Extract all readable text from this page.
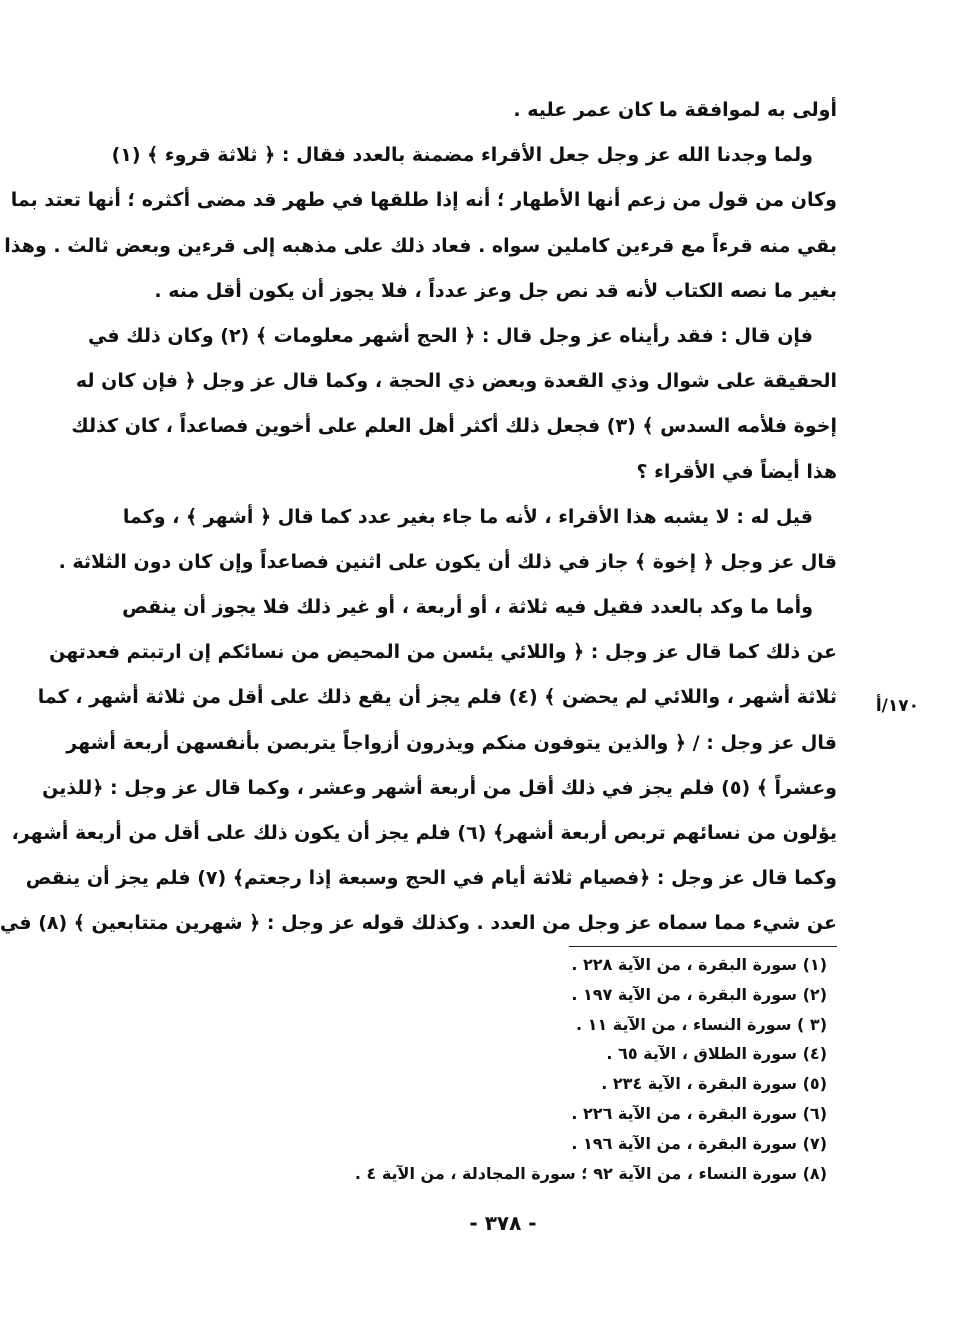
أولى به لموافقة ما كان عمر عليه .
ولما وجدنا الله عز وجل جعل الأقراء مضمنة بالعدد فقال : ﴿ ثلاثة قروء ﴾ (١)
وكان من قول من زعم أنها الأطهار ؛ أنه إذا طلقها في طهر قد مضى أكثره ؛ أنها تعتد بما
بقي منه قرءاً مع قرءين كاملين سواه . فعاد ذلك على مذهبه إلى قرءين وبعض ثالث . وهذا
بغير ما نصه الكتاب لأنه قد نص جل وعز عدداً ، فلا يجوز أن يكون أقل منه .
فإن قال : فقد رأيناه عز وجل قال : ﴿ الحج أشهر معلومات ﴾ (٢) وكان ذلك في
الحقيقة على شوال وذي القعدة وبعض ذي الحجة ، وكما قال عز وجل ﴿ فإن كان له
إخوة فلأمه السدس ﴾ (٣) فجعل ذلك أكثر أهل العلم على أخوين فصاعداً ، كان كذلك
هذا أيضاً في الأقراء ؟
قيل له : لا يشبه هذا الأقراء ، لأنه ما جاء بغير عدد كما قال ﴿ أشهر ﴾ ، وكما
قال عز وجل ﴿ إخوة ﴾ جاز في ذلك أن يكون على اثنين فصاعداً وإن كان دون الثلاثة .
وأما ما وكد بالعدد فقيل فيه ثلاثة ، أو أربعة ، أو غير ذلك فلا يجوز أن ينقص
عن ذلك كما قال عز وجل : ﴿ واللائي يئسن من المحيض من نسائكم إن ارتبتم فعدتهن
ثلاثة أشهر ، واللائي لم يحضن ﴾ (٤) فلم يجز أن يقع ذلك على أقل من ثلاثة أشهر ، كما
قال عز وجل : / ﴿ والذين يتوفون منكم ويذرون أزواجاً يتربصن بأنفسهن أربعة أشهر
وعشراً ﴾ (٥) فلم يجز في ذلك أقل من أربعة أشهر وعشر ، وكما قال عز وجل : ﴿للذين
يؤلون من نسائهم تربص أربعة أشهر﴾ (٦) فلم يجز أن يكون ذلك على أقل من أربعة أشهر،
وكما قال عز وجل : ﴿فصيام ثلاثة أيام في الحج وسبعة إذا رجعتم﴾ (٧) فلم يجز أن ينقص
عن شيء مما سماه عز وجل من العدد . وكذلك قوله عز وجل : ﴿ شهرين متتابعين ﴾ (٨) في
١٧٠/أ
(١) سورة البقرة ، من الآية ٢٢٨ .
(٢) سورة البقرة ، من الآية ١٩٧ .
(٣ ) سورة النساء ، من الآية ١١ .
(٤) سورة الطلاق ، الآية ٦٥ .
(٥) سورة البقرة ، الآية ٢٣٤ .
(٦) سورة البقرة ، من الآية ٢٢٦ .
(٧) سورة البقرة ، من الآية ١٩٦ .
(٨) سورة النساء ، من الآية ٩٢ ؛ سورة المجادلة ، من الآية ٤ .
- ٣٧٨ -
